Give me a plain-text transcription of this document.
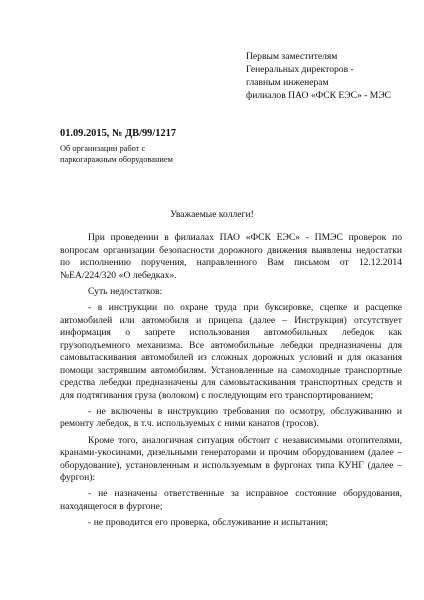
Первым заместителям
Генеральных директоров -
главным инженерам
филиалов ПАО «ФСК ЕЭС» - МЭС
01.09.2015, № ДВ/99/1217
Об организации работ с
паркогаражным оборудованием
Уважаемые коллеги!

При проведении в филиалах ПАО «ФСК ЕЭС» - ПМЭС проверок по вопросам организации безопасности дорожного движения выявлены недостатки по исполнению поручения, направленного Вам письмом от 12.12.2014 №ЕА/224/320 «О лебедках».

Суть недостатков:

- в инструкции по охране труда при буксировке, сцепке и расцепке автомобилей или автомобиля и прицепа (далее – Инструкция) отсутствует информация о запрете использования автомобильных лебедок как грузоподъемного механизма. Все автомобильные лебедки предназначены для самовытаскивания автомобилей из сложных дорожных условий и для оказания помощи застрявшим автомобилям. Установленные на самоходные транспортные средства лебедки предназначены для самовытаскивания транспортных средств и для подтягивания груза (волоком) с последующим его транспортированием;

- не включены в инструкцию требования по осмотру, обслуживанию и ремонту лебедок, в т.ч. используемых с ними канатов (тросов).

Кроме того, аналогичная ситуация обстоит с независимыми отопителями, кранами-укосинами, дизельными генераторами и прочим оборудованием (далее – оборудование), установленным и используемым в фургонах типа КУНГ (далее – фургон):

- не назначены ответственные за исправное состояние оборудования, находящегося в фургоне;

- не проводится его проверка, обслуживание и испытания;
